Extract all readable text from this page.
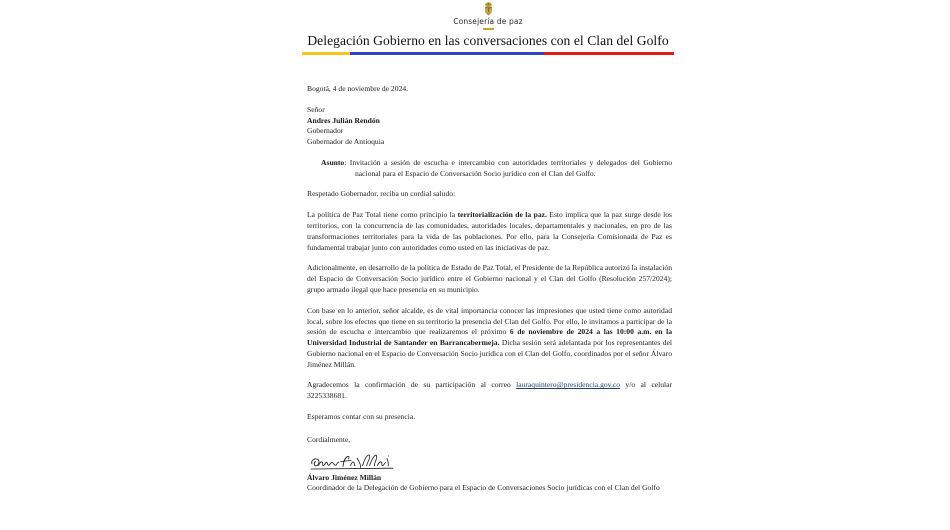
Consejería de paz
Delegación Gobierno en las conversaciones con el Clan del Golfo

Bogotá, 4 de noviembre de 2024.

Señor

Andres Julián Rendón

Gobernador

Gobernador de Antioquia

Asunto: Invitación a sesión de escucha e intercambio con autoridades territoriales y delegados del Gobierno nacional para el Espacio de Conversación Socio jurídico con el Clan del Golfo.

Respetado Gobernador, reciba un cordial saludo:

La política de Paz Total tiene como principio la territorialización de la paz. Esto implica que la paz surge desde los territorios, con la concurrencia de las comunidades, autoridades locales, departamentales y nacionales, en pro de las transformaciones territoriales para la vida de las poblaciones. Por ello, para la Consejería Comisionada de Paz es fundamental trabajar junto con autoridades como usted en las iniciativas de paz.

Adicionalmente, en desarrollo de la política de Estado de Paz Total, el Presidente de la República autorizó la instalación del Espacio de Conversación Socio jurídico entre el Gobierno nacional y el Clan del Golfo (Resolución 257/2024); grupo armado ilegal que hace presencia en su municipio.

Con base en lo anterior, señor alcalde, es de vital importancia conocer las impresiones que usted tiene como autoridad local, sobre los efectos que tiene en su territorio la presencia del Clan del Golfo. Por ello, le invitamos a participar de la sesión de escucha e intercambio que realizaremos el próximo 6 de noviembre de 2024 a las 10:00 a.m. en la Universidad Industrial de Santander en Barrancabermeja. Dicha sesión será adelantada por los representantes del Gobierno nacional en el Espacio de Conversación Socio jurídica con el Clan del Golfo, coordinados por el señor Álvaro Jiménez Millán.

Agradecemos la confirmación de su participación al correo lauraquintero@presidencia.gov.co y/o al celular 3225338681.

Esperamos contar con su presencia.

Cordialmente,

Álvaro Jiménez Millán

Coordinador de la Delegación de Gobierno para el Espacio de Conversaciones Socio jurídicas con el Clan del Golfo
